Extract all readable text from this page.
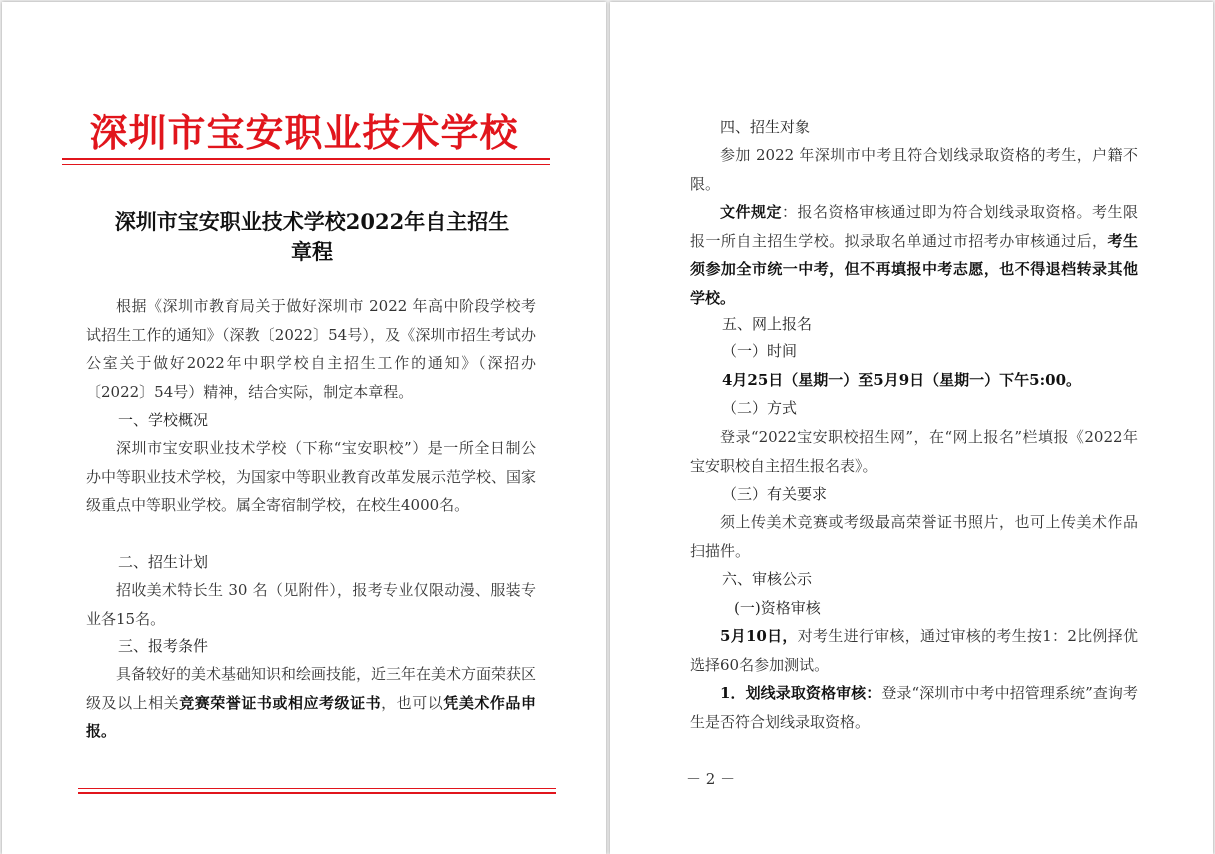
深圳市宝安职业技术学校
深圳市宝安职业技术学校2022年自主招生
章程

根据《深圳市教育局关于做好深圳市 2022 年高中阶段学校考试招生工作的通知》（深教〔2022〕54号），及《深圳市招生考试办公室关于做好2022年中职学校自主招生工作的通知》（深招办〔2022〕54号）精神，结合实际，制定本章程。

一、学校概况

深圳市宝安职业技术学校（下称“宝安职校”）是一所全日制公办中等职业技术学校，为国家中等职业教育改革发展示范学校、国家级重点中等职业学校。属全寄宿制学校，在校生4000名。

二、招生计划

招收美术特长生 30 名（见附件），报考专业仅限动漫、服装专业各15名。

三、报考条件

具备较好的美术基础知识和绘画技能，近三年在美术方面荣获区级及以上相关竞赛荣誉证书或相应考级证书，也可以凭美术作品申报。

四、招生对象

参加 2022 年深圳市中考且符合划线录取资格的考生，户籍不限。

文件规定：报名资格审核通过即为符合划线录取资格。考生限报一所自主招生学校。拟录取名单通过市招考办审核通过后，考生须参加全市统一中考，但不再填报中考志愿，也不得退档转录其他学校。

五、网上报名

（一）时间

4月25日（星期一）至5月9日（星期一）下午5:00。

（二）方式

登录“2022宝安职校招生网”，在“网上报名”栏填报《2022年宝安职校自主招生报名表》。

（三）有关要求

须上传美术竞赛或考级最高荣誉证书照片，也可上传美术作品扫描件。

六、审核公示

(一)资格审核

5月10日，对考生进行审核，通过审核的考生按1：2比例择优选择60名参加测试。

1．划线录取资格审核：登录“深圳市中考中招管理系统”查询考生是否符合划线录取资格。

－ 2 －
